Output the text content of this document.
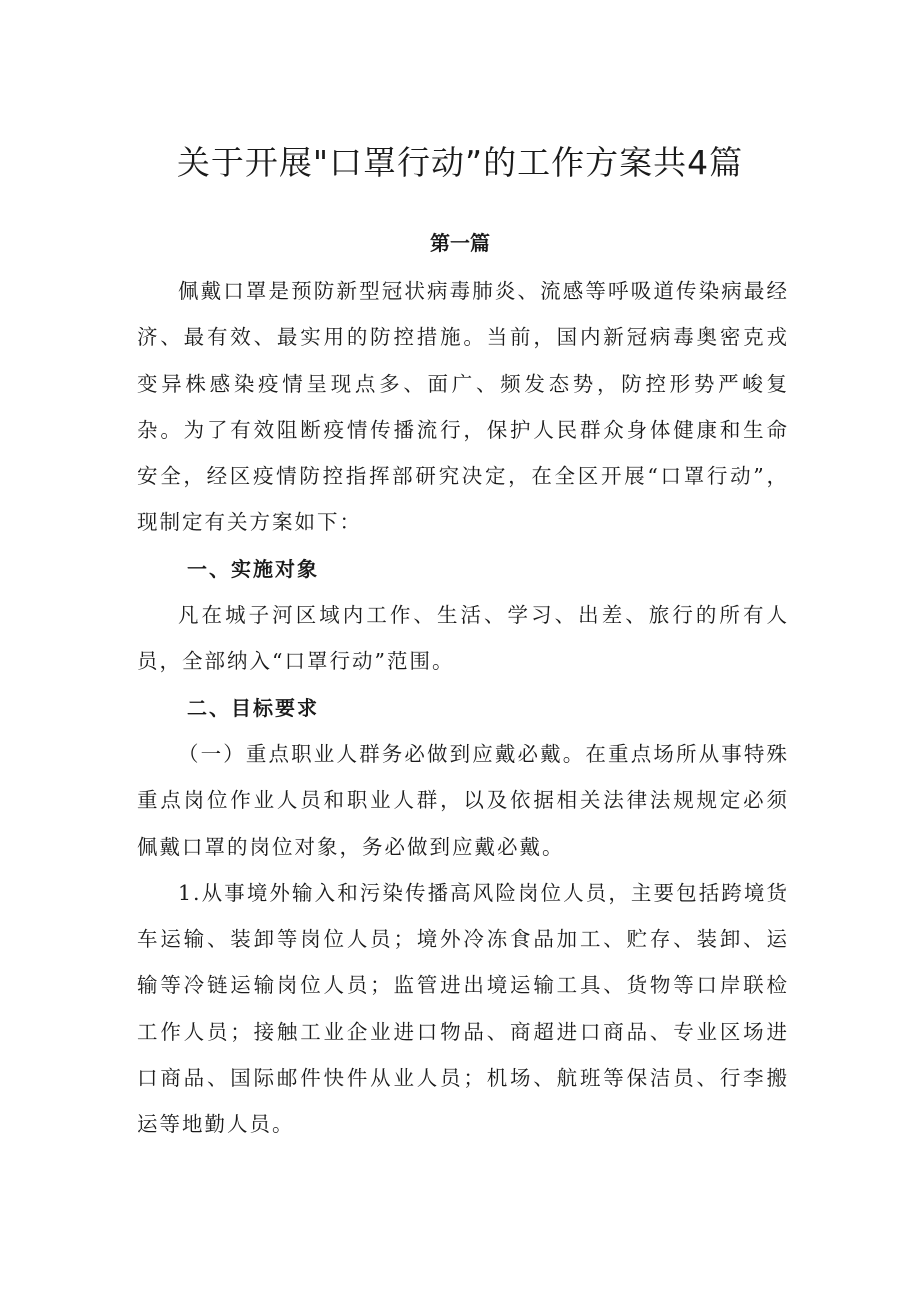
关于开展"口罩行动”的工作方案共4篇
第一篇

佩戴口罩是预防新型冠状病毒肺炎、流感等呼吸道传染病最经济、最有效、最实用的防控措施。当前，国内新冠病毒奥密克戎变异株感染疫情呈现点多、面广、频发态势，防控形势严峻复杂。为了有效阻断疫情传播流行，保护人民群众身体健康和生命安全，经区疫情防控指挥部研究决定，在全区开展“口罩行动”，现制定有关方案如下：

一、实施对象

凡在城子河区域内工作、生活、学习、出差、旅行的所有人员，全部纳入“口罩行动”范围。

二、目标要求

（一）重点职业人群务必做到应戴必戴。在重点场所从事特殊重点岗位作业人员和职业人群，以及依据相关法律法规规定必须佩戴口罩的岗位对象，务必做到应戴必戴。

1.从事境外输入和污染传播高风险岗位人员，主要包括跨境货车运输、装卸等岗位人员；境外冷冻食品加工、贮存、装卸、运输等冷链运输岗位人员；监管进出境运输工具、货物等口岸联检工作人员；接触工业企业进口物品、商超进口商品、专业区场进口商品、国际邮件快件从业人员；机场、航班等保洁员、行李搬运等地勤人员。
